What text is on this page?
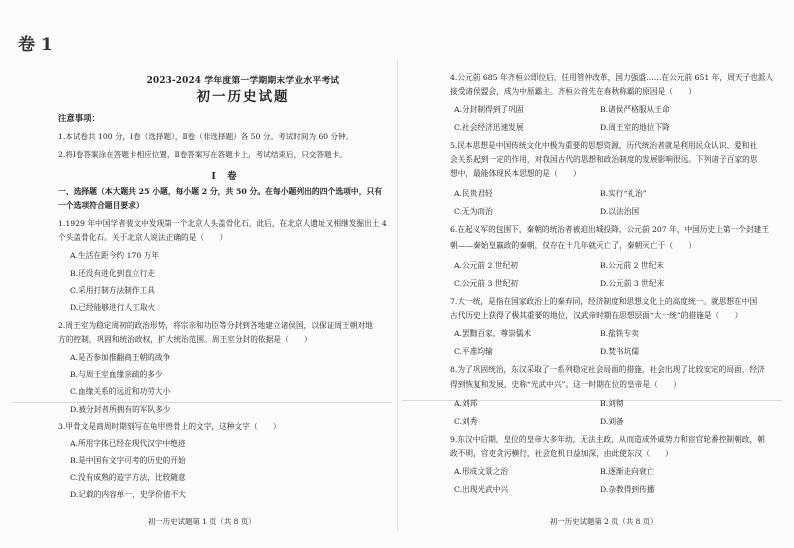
卷 1
2023-2024 学年度第一学期期末学业水平考试
初一历史试题
注意事项：
1.本试卷共 100 分，Ⅰ卷（选择题），Ⅱ卷（非选择题）各 50 分。考试时间为 60 分钟。
2.将Ⅰ卷答案涂在答题卡相应位置，Ⅱ卷答案写在答题卡上，考试结束后，只交答题卡。
Ⅰ 卷
一、选择题（本大题共 25 小题，每小题 2 分，共 50 分。在每小题列出的四个选项中，只有
一个选项符合题目要求）
1.1929 年中国学者裴文中发现第一个北京人头盖骨化石，此后，在北京人遗址又相继发掘出土 4
个头盖骨化石。关于北京人说法正确的是（　　）
A.生活在距今约 170 万年
B.还没有进化到直立行走
C.采用打制方法制作工具
D.已经能够进行人工取火
2.周王室为稳定周初的政治形势，将宗亲和功臣等分封到各地建立诸侯国，以保证周王朝对地
方的控制，巩固和统治政权，扩大统治范围。周王室分封的依据是（　　）
A.是否参加推翻商王朝的战争
B.与周王室血缘亲疏的多少
C.血缘关系的远近和功劳大小
D.被分封者所拥有的军队多少
3.甲骨文是商周时期刻写在龟甲兽骨上的文字，这种文字（　　）
A.所用字体已经在现代汉字中绝迹
B.是中国有文字可考的历史的开始
C.没有成熟的造字方法，比较随意
D.记载的内容单一，史学价值不大
初一历史试题第 1 页（共 8 页）
4.公元前 685 年齐桓公即位后，任用管仲改革，国力强盛……在公元前 651 年，周天子也派人
接受诸侯盟会，成为中原霸主。齐桓公首先在春秋称霸的原因是（　　）
A.分封制得到了巩固	B.诸侯严格服从王命
C.社会经济迅速发展	D.周王室的地位下降
5.民本思想是中国传统文化中极为重要的思想资源，历代统治者就是利用民众认识、爱和社
会关系起到一定的作用，对我国古代的思想和政治制度的发展影响很远。下列诸子百家的思
想中，最能体现民本思想的是（　　）
A.民贵君轻	B.实行“礼治”
C.无为而治	D.以法治国
6.在起义军的包围下，秦朝的统治者被迫出城投降，公元前 207 年，中国历史上第一个封建王
朝——秦始皇嬴政的秦朝，仅存在十几年就灭亡了，秦朝灭亡于（　　）
A.公元前 2 世纪初	B.公元前 2 世纪末
C.公元前 3 世纪初	D.公元前 3 世纪末
7.大一统，是指在国家政治上的秦弃同，经济制度和思想文化上的高度统一。就思想在中国
古代历史上获得了极其重要的地位，汉武帝时期在思想层面“大一统”的措施是（　　）
A.罢黜百家，尊崇儒术	B.盐铁专卖
C.平准均输	D.焚书坑儒
8.为了巩固统治，东汉采取了一系列稳定社会局面的措施，社会出现了比较安定的局面，经济
得到恢复和发展，史称“光武中兴”。这一时期在位的皇帝是（　　）
A.刘邦	B.刘彻
C.刘秀	D.刘备
9.东汉中后期，皇位的皇帝大多年幼，无法主政，从而造成外戚势力和宦官轮番控制朝政，朝
政不明，官吏贪污横行，社会危机日益加深，由此使东汉（　　）
A.形成文景之治	B.逐渐走向衰亡
C.出现光武中兴	D.杂教得到传播
初一历史试题第 2 页（共 8 页）
